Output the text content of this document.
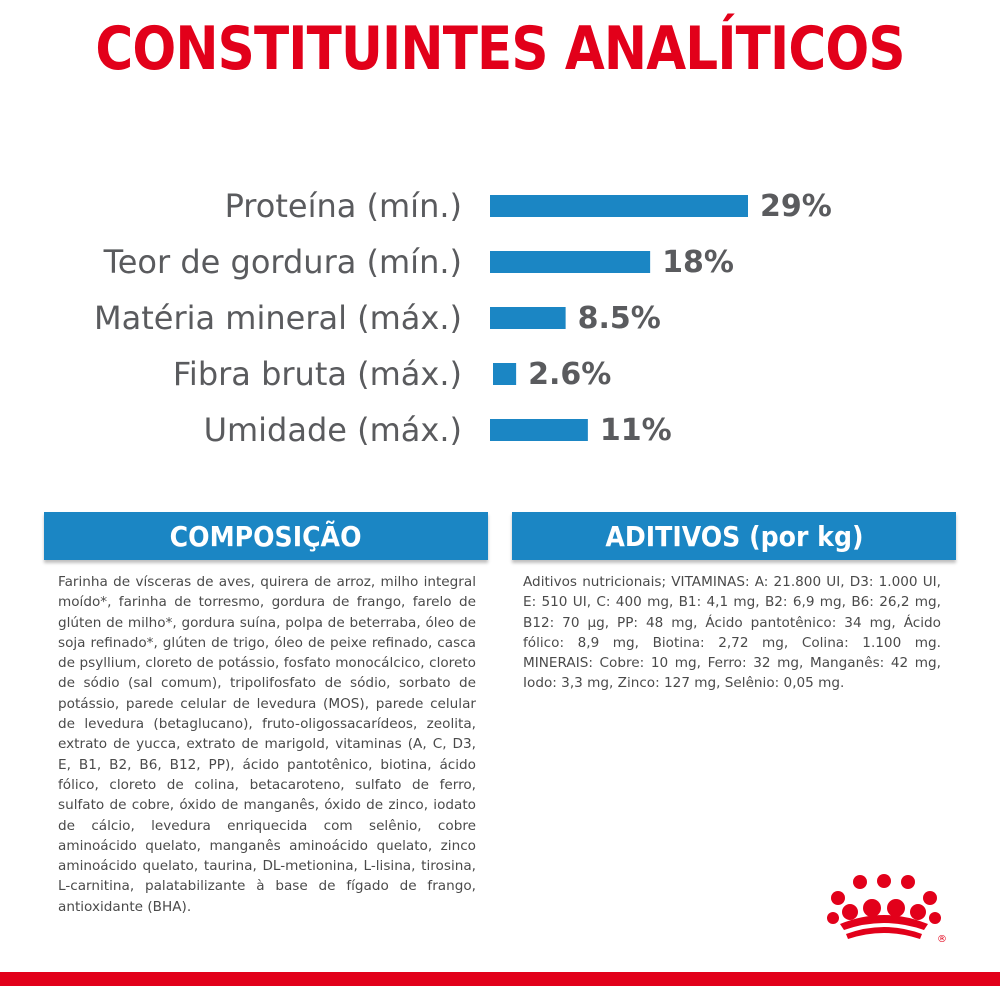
CONSTITUINTES ANALÍTICOS
Proteína (mín.)	29%
Teor de gordura (mín.)	18%
Matéria mineral (máx.)	8.5%
Fibra bruta (máx.) 2.6%
Umidade (máx.)	11%
COMPOSIÇÃO
Farinha de vísceras de aves, quirera de arroz, milho integral moído*, farinha de torresmo, gordura de frango, farelo de glúten de milho*, gordura suína, polpa de beterraba, óleo de soja refinado*, glúten de trigo, óleo de peixe refinado, casca de psyllium, cloreto de potássio, fosfato monocálcico, cloreto de sódio (sal comum), tripolifosfato de sódio, sorbato de potássio, parede celular de levedura (MOS), parede celular de levedura (betaglucano), fruto-oligossacarídeos, zeolita, extrato de yucca, extrato de marigold, vitaminas (A, C, D3, E, B1, B2, B6, B12, PP), ácido pantotênico, biotina, ácido fólico, cloreto de colina, betacaroteno, sulfato de ferro, sulfato de cobre, óxido de manganês, óxido de zinco, iodato de cálcio, levedura enriquecida com selênio, cobre aminoácido quelato, manganês aminoácido quelato, zinco aminoácido quelato, taurina, DL-metionina, L-lisina, tirosina, L-carnitina, palatabilizante à base de fígado de frango, antioxidante (BHA).
ADITIVOS (por kg)
Aditivos nutricionais; VITAMINAS: A: 21.800 UI, D3: 1.000 UI, E: 510 UI, C: 400 mg, B1: 4,1 mg, B2: 6,9 mg, B6: 26,2 mg, B12: 70 µg, PP: 48 mg, Ácido pantotênico: 34 mg, Ácido fólico: 8,9 mg, Biotina: 2,72 mg, Colina: 1.100 mg. MINERAIS: Cobre: 10 mg, Ferro: 32 mg, Manganês: 42 mg, Iodo: 3,3 mg, Zinco: 127 mg, Selênio: 0,05 mg.
®
